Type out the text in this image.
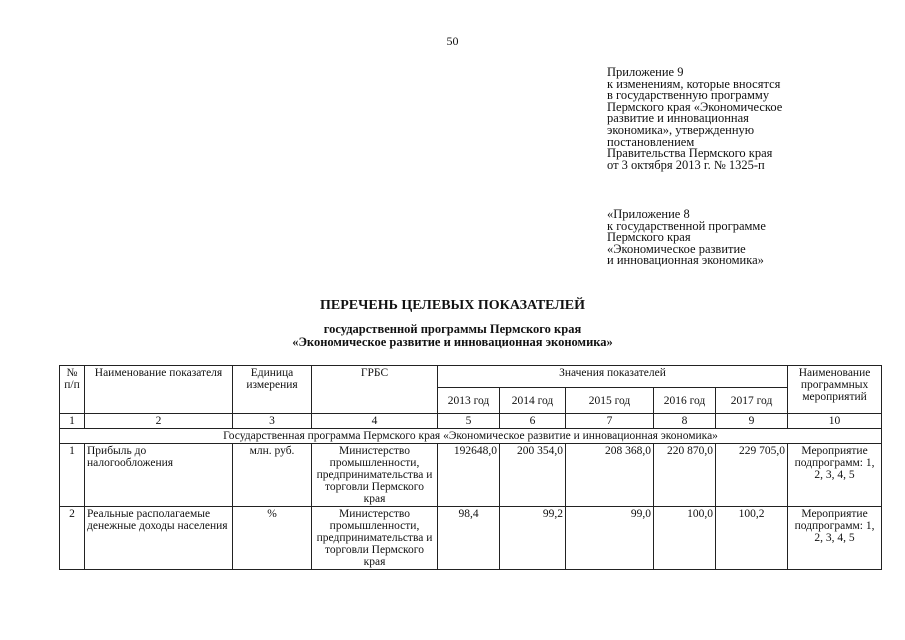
50
Приложение 9
к изменениям, которые вносятся
в государственную программу
Пермского края «Экономическое
развитие и инновационная
экономика», утвержденную
постановлением
Правительства Пермского края
от 3 октября 2013 г. № 1325-п
«Приложение 8
к государственной программе
Пермского края
«Экономическое развитие
и инновационная экономика»
ПЕРЕЧЕНЬ ЦЕЛЕВЫХ ПОКАЗАТЕЛЕЙ
государственной программы Пермского края
«Экономическое развитие и инновационная экономика»
№ п/п	Наименование показателя	Единица измерения	ГРБС	Значения показателей					Наименование программных мероприятий
				2013 год	2014 год	2015 год	2016 год	2017 год	
1	2	3	4	5	6	7	8	9	10
Государственная программа Пермского края «Экономическое развитие и инновационная экономика»									
1	Прибыль до налогообложения	млн. руб.	Министерство промышленности, предпринимательства и торговли Пермского края	192648,0	200 354,0	208 368,0	220 870,0	229 705,0	Мероприятие подпрограмм: 1, 2, 3, 4, 5
2	Реальные располагаемые денежные доходы населения	%	Министерство промышленности, предпринимательства и торговли Пермского края	98,4	99,2	99,0	100,0	100,2	Мероприятие подпрограмм: 1, 2, 3, 4, 5
